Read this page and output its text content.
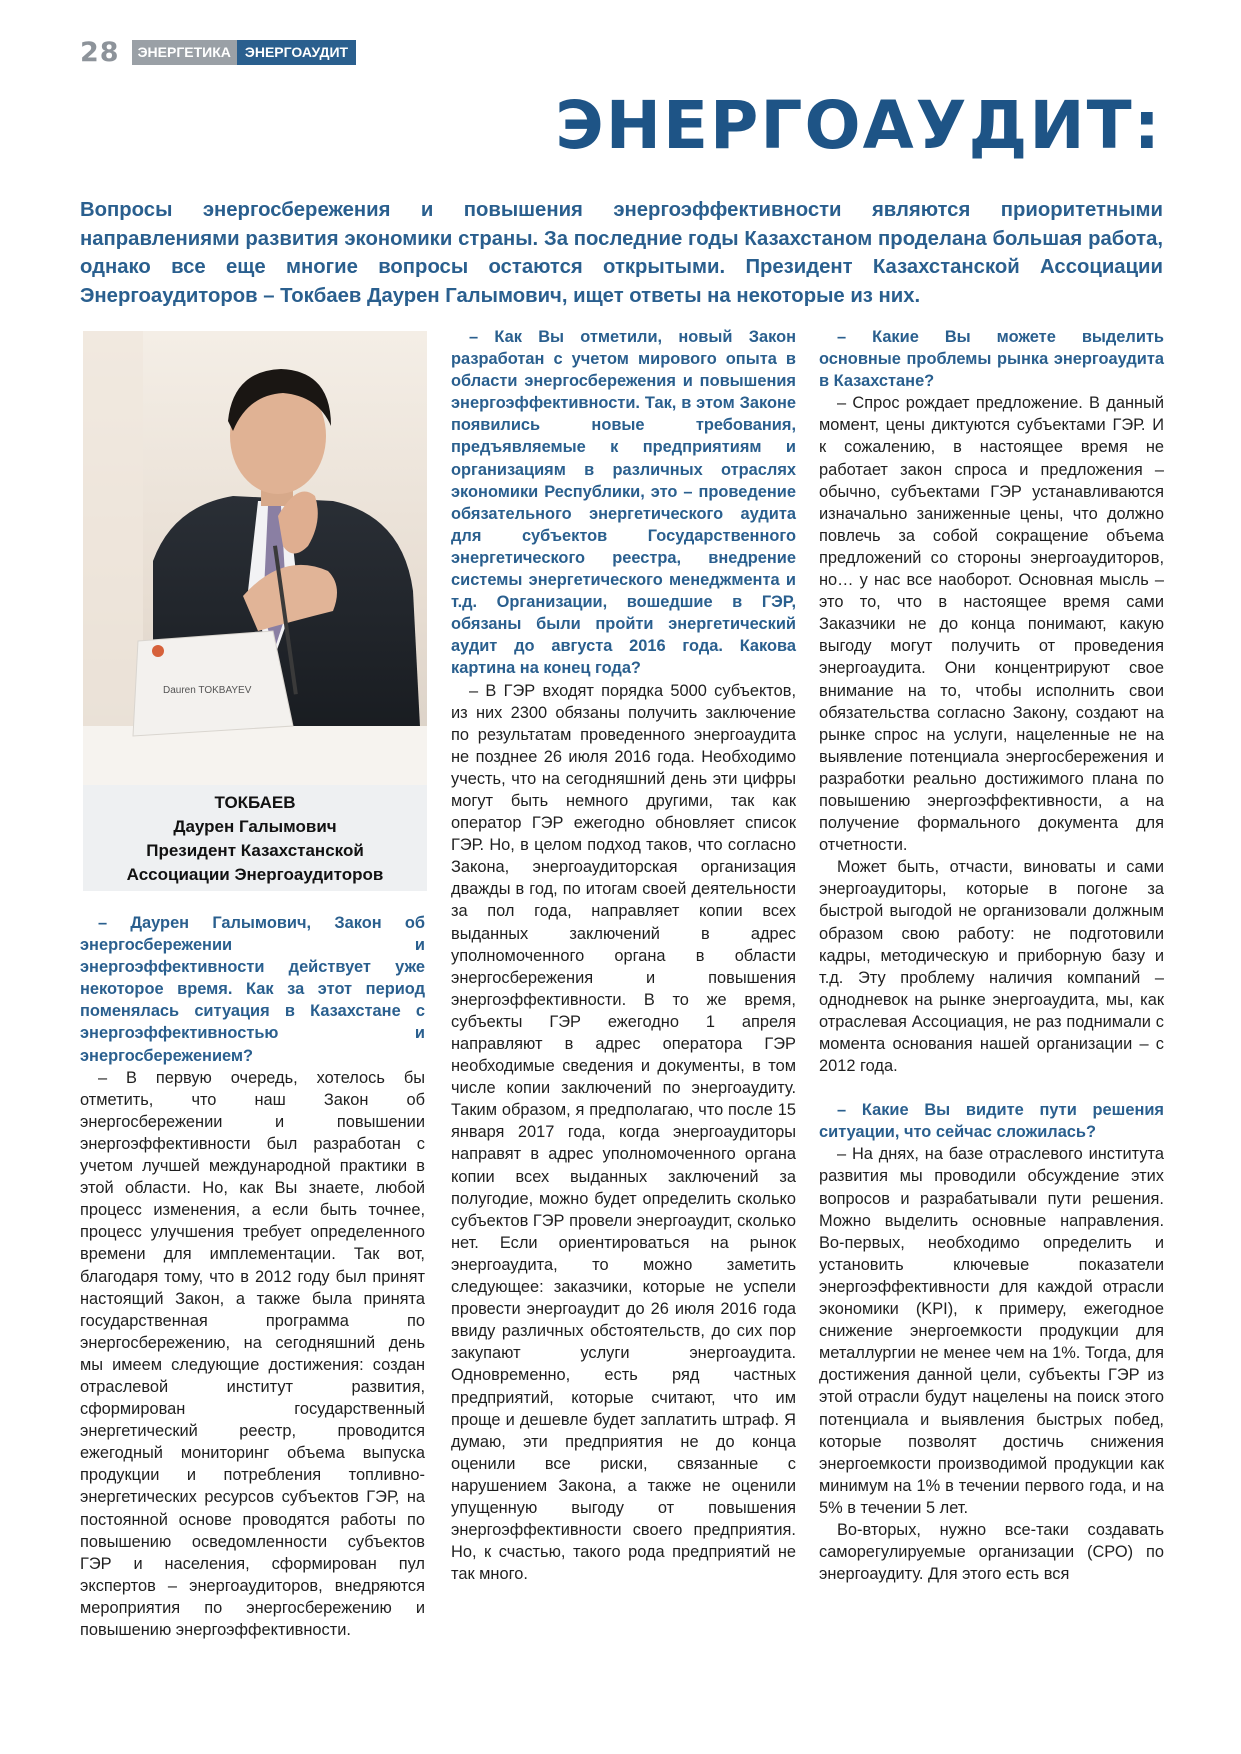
28	ЭНЕРГЕТИКА	ЭНЕРГОАУДИТ
ЭНЕРГОАУДИТ:
Вопросы энергосбережения и повышения энергоэффективности являются приоритетными направлениями развития экономики страны. За последние годы Казахстаном проделана большая работа, однако все еще многие вопросы остаются открытыми. Президент Казахстанской Ассоциации Энергоаудиторов – Токбаев Даурен Галымович, ищет ответы на некоторые из них.
Dauren TOKBAYEV
ТОКБАЕВ
Даурен Галымович
Президент Казахстанской
Ассоциации Энергоаудиторов

– Даурен Галымович, Закон об энергосбережении и энергоэффективности действует уже некоторое время. Как за этот период поменялась ситуация в Казахстане с энергоэффективностью и энергосбережением?

– В первую очередь, хотелось бы отметить, что наш Закон об энергосбережении и повышении энергоэффективности был разработан с учетом лучшей международной практики в этой области. Но, как Вы знаете, любой процесс изменения, а если быть точнее, процесс улучшения требует определенного времени для имплементации. Так вот, благодаря тому, что в 2012 году был принят настоящий Закон, а также была принята государственная программа по энергосбережению, на сегодняшний день мы имеем следующие достижения: создан отраслевой институт развития, сформирован государственный энергетический реестр, проводится ежегодный мониторинг объема выпуска продукции и потребления топливно-энергетических ресурсов субъектов ГЭР, на постоянной основе проводятся работы по повышению осведомленности субъектов ГЭР и населения, сформирован пул экспертов – энергоаудиторов, внедряются мероприятия по энергосбережению и повышению энергоэффективности.

– Как Вы отметили, новый Закон разработан с учетом мирового опыта в области энергосбережения и повышения энергоэффективности. Так, в этом Законе появились новые требования, предъявляемые к предприятиям и организациям в различных отраслях экономики Республики, это – проведение обязательного энергетического аудита для субъектов Государственного энергетического реестра, внедрение системы энергетического менеджмента и т.д. Организации, вошедшие в ГЭР, обязаны были пройти энергетический аудит до августа 2016 года. Какова картина на конец года?

– В ГЭР входят порядка 5000 субъектов, из них 2300 обязаны получить заключение по результатам проведенного энергоаудита не позднее 26 июля 2016 года. Необходимо учесть, что на сегодняшний день эти цифры могут быть немного другими, так как оператор ГЭР ежегодно обновляет список ГЭР. Но, в целом подход таков, что согласно Закона, энергоаудиторская организация дважды в год, по итогам своей деятельности за пол года, направляет копии всех выданных заключений в адрес уполномоченного органа в области энергосбережения и повышения энергоэффективности. В то же время, субъекты ГЭР ежегодно 1 апреля направляют в адрес оператора ГЭР необходимые сведения и документы, в том числе копии заключений по энергоаудиту. Таким образом, я предполагаю, что после 15 января 2017 года, когда энергоаудиторы направят в адрес уполномоченного органа копии всех выданных заключений за полугодие, можно будет определить сколько субъектов ГЭР провели энергоаудит, сколько нет. Если ориентироваться на рынок энергоаудита, то можно заметить следующее: заказчики, которые не успели провести энергоаудит до 26 июля 2016 года ввиду различных обстоятельств, до сих пор закупают услуги энергоаудита. Одновременно, есть ряд частных предприятий, которые считают, что им проще и дешевле будет заплатить штраф. Я думаю, эти предприятия не до конца оценили все риски, связанные с нарушением Закона, а также не оценили упущенную выгоду от повышения энергоэффективности своего предприятия. Но, к счастью, такого рода предприятий не так много.

– Какие Вы можете выделить основные проблемы рынка энергоаудита в Казахстане?

– Спрос рождает предложение. В данный момент, цены диктуются субъектами ГЭР. И к сожалению, в настоящее время не работает закон спроса и предложения – обычно, субъектами ГЭР устанавливаются изначально заниженные цены, что должно повлечь за собой сокращение объема предложений со стороны энергоаудиторов, но… у нас все наоборот. Основная мысль – это то, что в настоящее время сами Заказчики не до конца понимают, какую выгоду могут получить от проведения энергоаудита. Они концентрируют свое внимание на то, чтобы исполнить свои обязательства согласно Закону, создают на рынке спрос на услуги, нацеленные не на выявление потенциала энергосбережения и разработки реально достижимого плана по повышению энергоэффективности, а на получение формального документа для отчетности.

Может быть, отчасти, виноваты и сами энергоаудиторы, которые в погоне за быстрой выгодой не организовали должным образом свою работу: не подготовили кадры, методическую и приборную базу и т.д. Эту проблему наличия компаний – однодневок на рынке энергоаудита, мы, как отраслевая Ассоциация, не раз поднимали с момента основания нашей организации – с 2012 года.

– Какие Вы видите пути решения ситуации, что сейчас сложилась?

– На днях, на базе отраслевого института развития мы проводили обсуждение этих вопросов и разрабатывали пути решения. Можно выделить основные направления. Во-первых, необходимо определить и установить ключевые показатели энергоэффективности для каждой отрасли экономики (KPI), к примеру, ежегодное снижение энергоемкости продукции для металлургии не менее чем на 1%. Тогда, для достижения данной цели, субъекты ГЭР из этой отрасли будут нацелены на поиск этого потенциала и выявления быстрых побед, которые позволят достичь снижения энергоемкости производимой продукции как минимум на 1% в течении первого года, и на 5% в течении 5 лет.

Во-вторых, нужно все-таки создавать саморегулируемые организации (СРО) по энергоаудиту. Для этого есть вся
